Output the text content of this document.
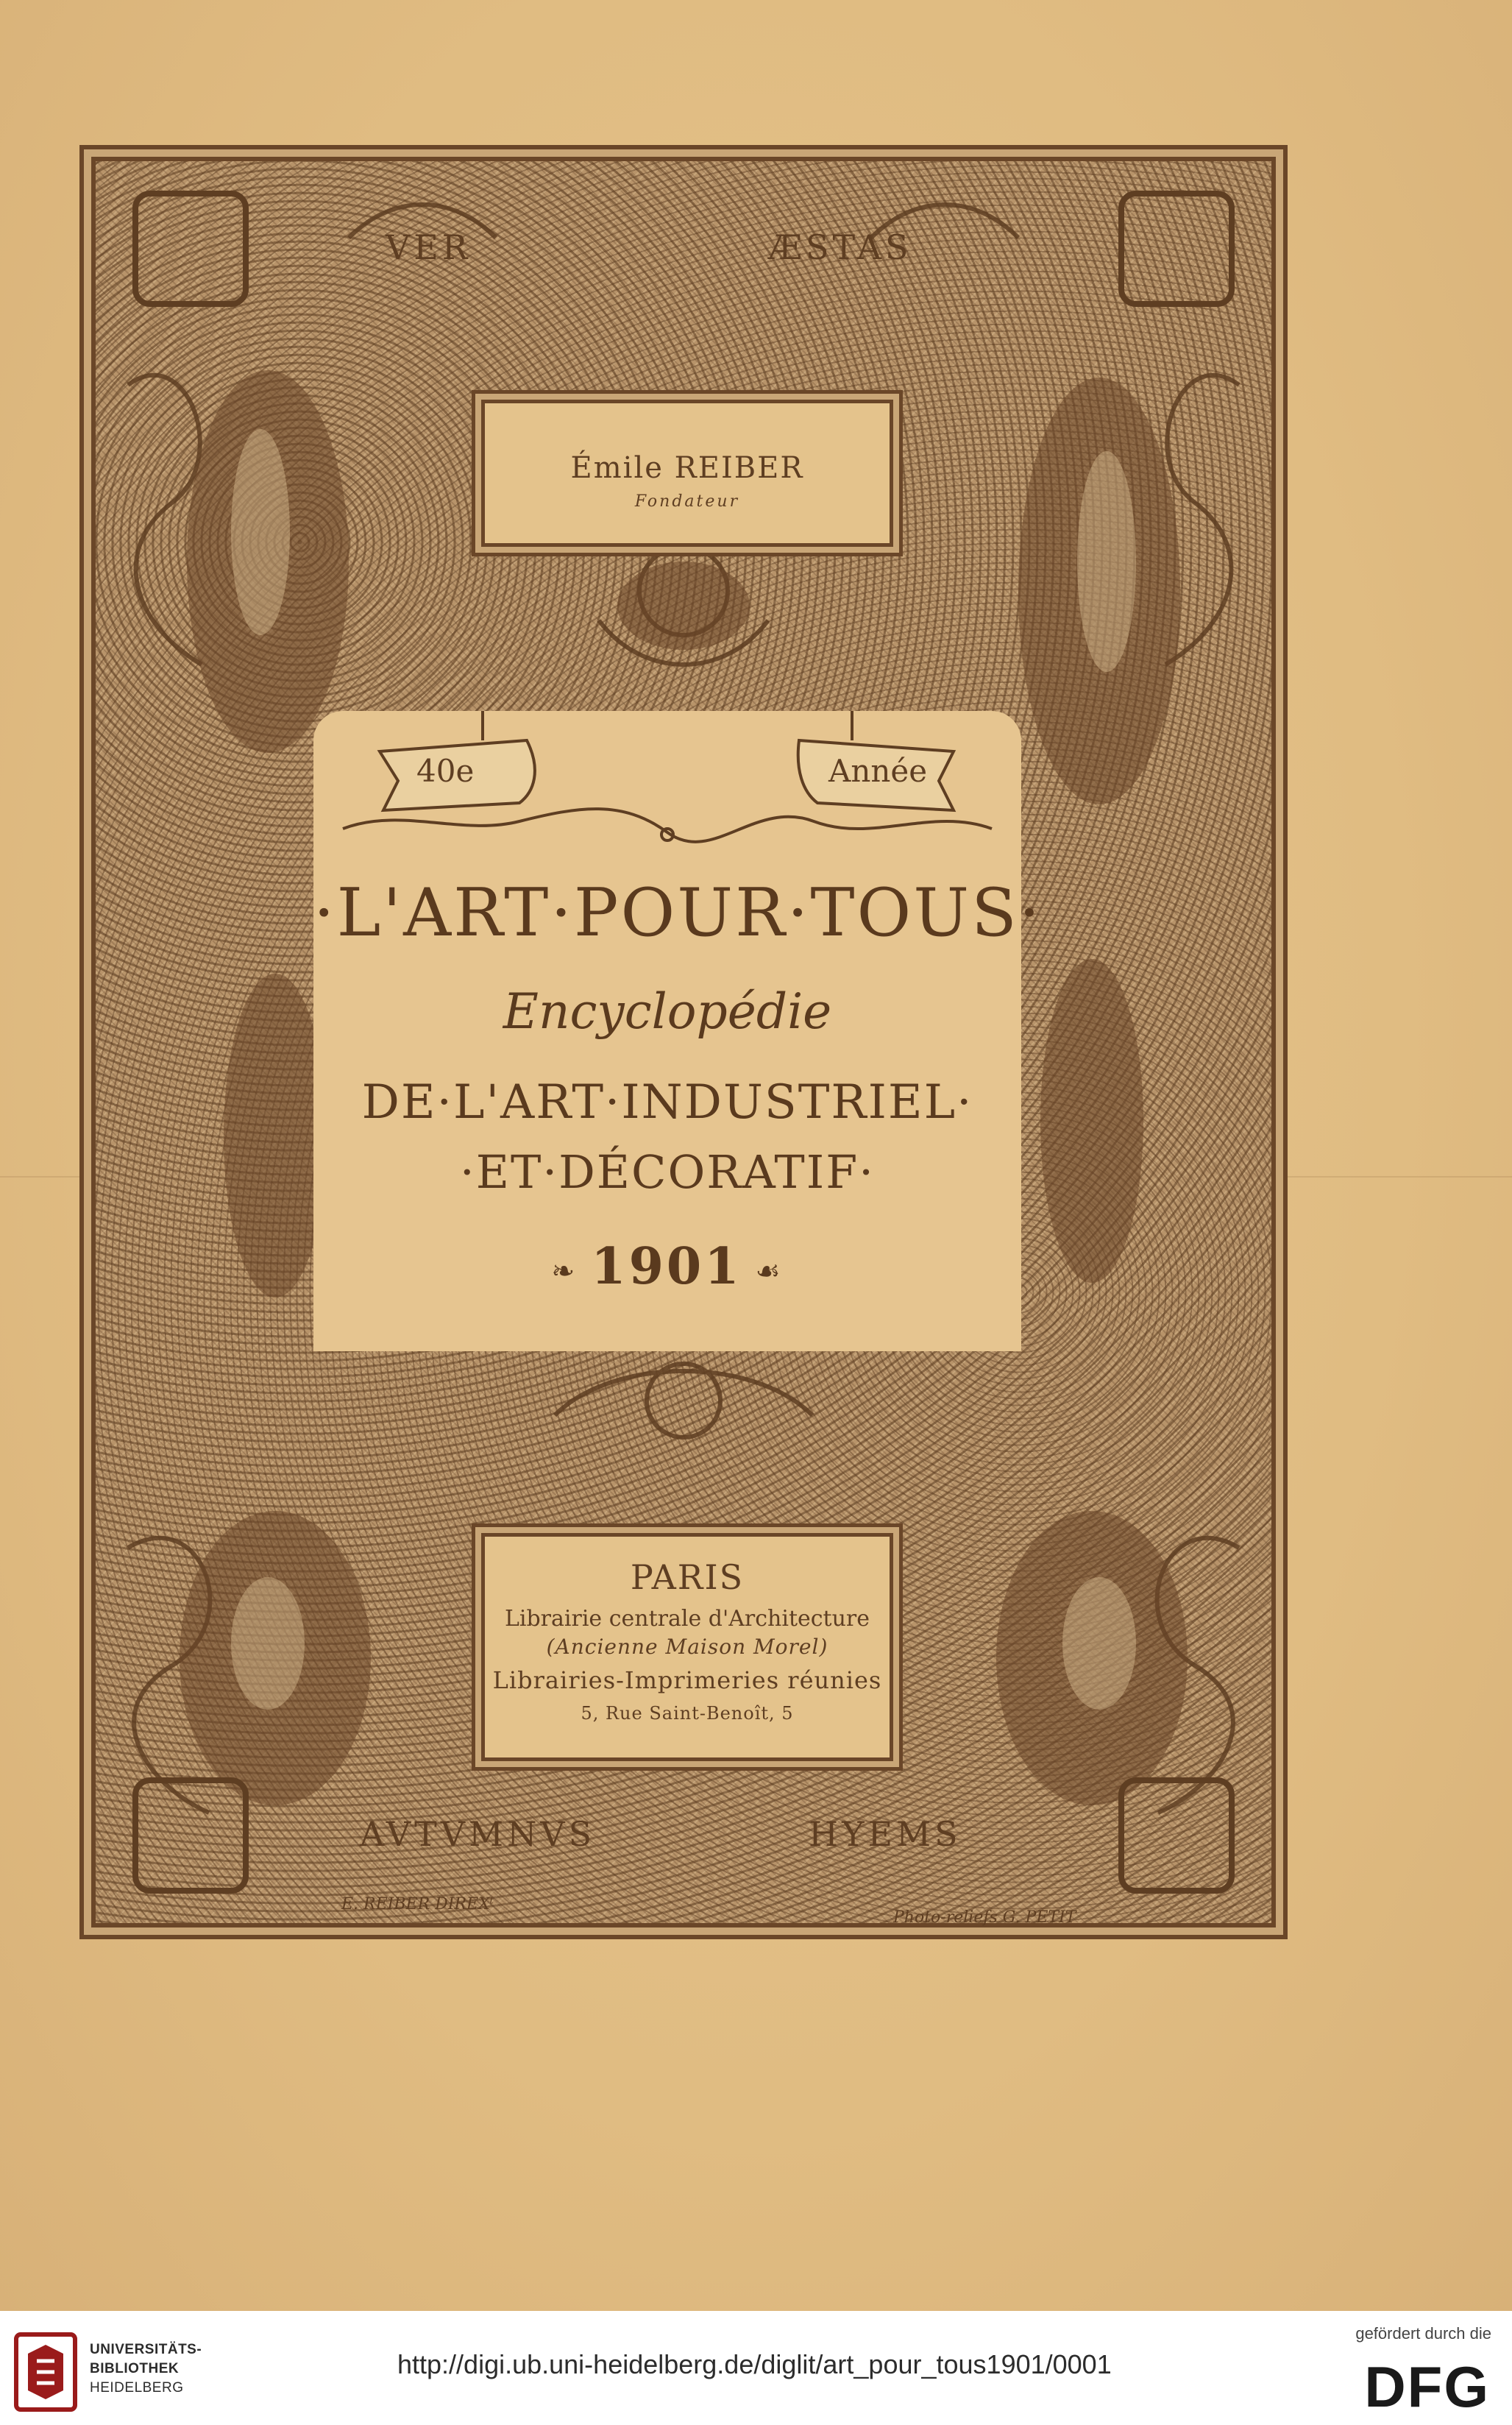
VER	ÆSTAS
AVTVMNVS	HYEMS
Émile REIBER
Fondateur
40e	Année
·L'ART·POUR·TOUS·
Encyclopédie
DE·L'ART·INDUSTRIEL·
·ET·DÉCORATIF·
❧ 1901 ☙
PARIS
Librairie centrale d'Architecture
(Ancienne Maison Morel)
Librairies-Imprimeries réunies
5, Rue Saint-Benoît, 5
E. REIBER DIREXᵗ
Photo-reliefs G. PETIT
UNIVERSITÄTS-
BIBLIOTHEK
HEIDELBERG
http://digi.ub.uni-heidelberg.de/diglit/art_pour_tous1901/0001
gefördert durch die
DFG
